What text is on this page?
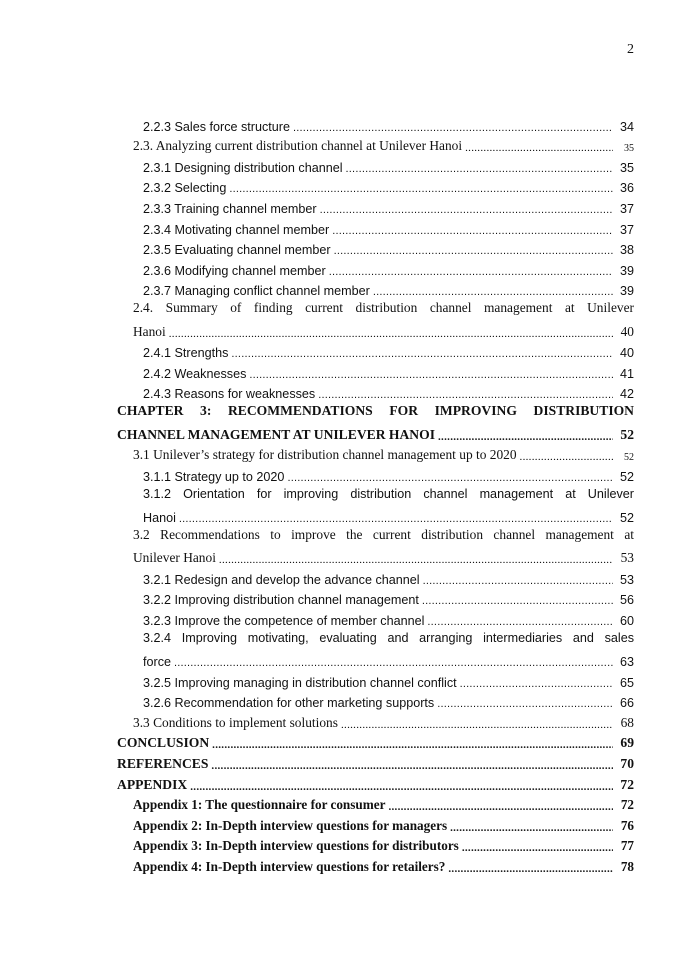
2
2.2.3 Sales force structure .....	34
2.3. Analyzing current distribution channel at Unilever Hanoi .....	35
2.3.1 Designing distribution channel .....	35
2.3.2 Selecting .....	36
2.3.3 Training channel member .....	37
2.3.4 Motivating channel member .....	37
2.3.5 Evaluating channel member .....	38
2.3.6 Modifying channel member .....	39
2.3.7 Managing conflict channel member .....	39
2.4. Summary of finding current distribution channel management at Unilever
Hanoi .....	40
2.4.1 Strengths .....	40
2.4.2 Weaknesses .....	41
2.4.3 Reasons for weaknesses .....	42
CHAPTER 3: RECOMMENDATIONS FOR IMPROVING DISTRIBUTION
CHANNEL MANAGEMENT AT UNILEVER HANOI .....	52
3.1 Unilever’s strategy for distribution channel management up to 2020 .....	52
3.1.1 Strategy up to 2020 .....	52
3.1.2 Orientation for improving distribution channel management at Unilever
Hanoi .....	52
3.2 Recommendations to improve the current distribution channel management at
Unilever Hanoi .....	53
3.2.1 Redesign and develop the advance channel .....	53
3.2.2 Improving distribution channel management .....	56
3.2.3 Improve the competence of member channel .....	60
3.2.4 Improving motivating, evaluating and arranging intermediaries and sales
force .....	63
3.2.5 Improving managing in distribution channel conflict .....	65
3.2.6 Recommendation for other marketing supports .....	66
3.3 Conditions to implement solutions .....	68
CONCLUSION .....	69
REFERENCES .....	70
APPENDIX .....	72
Appendix 1: The questionnaire for consumer .....	72
Appendix 2: In-Depth interview questions for managers .....	76
Appendix 3: In-Depth interview questions for distributors .....	77
Appendix 4: In-Depth interview questions for retailers? .....	78
